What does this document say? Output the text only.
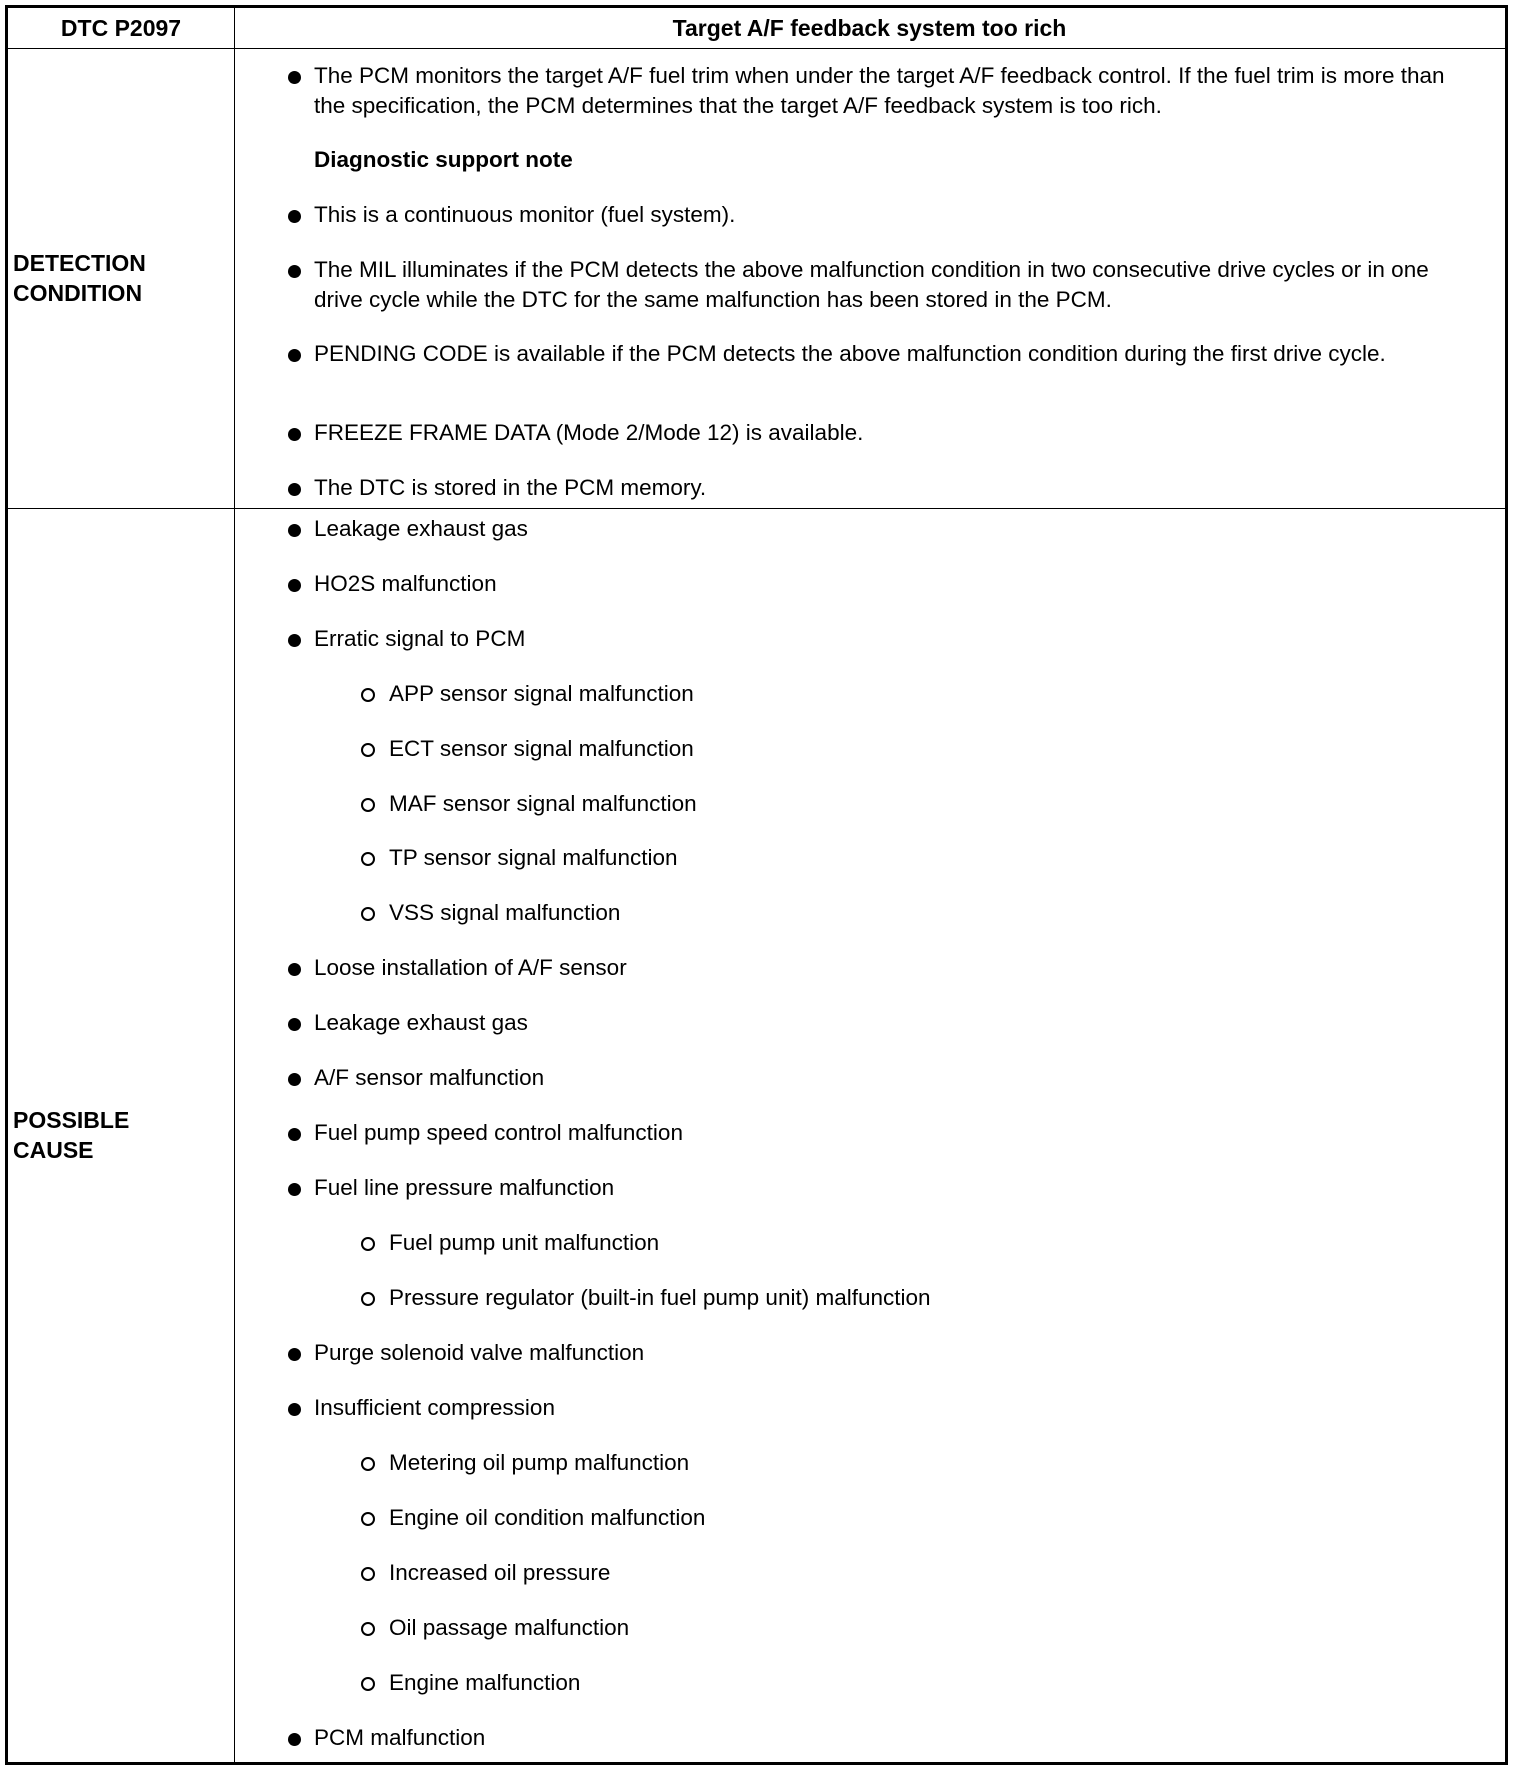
DTC P2097	Target A/F feedback system too rich
DETECTION
CONDITION
The PCM monitors the target A/F fuel trim when under the target A/F feedback control. If the fuel trim is more than the specification, the PCM determines that the target A/F feedback system is too rich.
Diagnostic support note
This is a continuous monitor (fuel system).
The MIL illuminates if the PCM detects the above malfunction condition in two consecutive drive cycles or in one drive cycle while the DTC for the same malfunction has been stored in the PCM.
PENDING CODE is available if the PCM detects the above malfunction condition during the first drive cycle.
FREEZE FRAME DATA (Mode 2/Mode 12) is available.
The DTC is stored in the PCM memory.
POSSIBLE
CAUSE
Leakage exhaust gas
HO2S malfunction
Erratic signal to PCM
APP sensor signal malfunction
ECT sensor signal malfunction
MAF sensor signal malfunction
TP sensor signal malfunction
VSS signal malfunction
Loose installation of A/F sensor
Leakage exhaust gas
A/F sensor malfunction
Fuel pump speed control malfunction
Fuel line pressure malfunction
Fuel pump unit malfunction
Pressure regulator (built-in fuel pump unit) malfunction
Purge solenoid valve malfunction
Insufficient compression
Metering oil pump malfunction
Engine oil condition malfunction
Increased oil pressure
Oil passage malfunction
Engine malfunction
PCM malfunction
